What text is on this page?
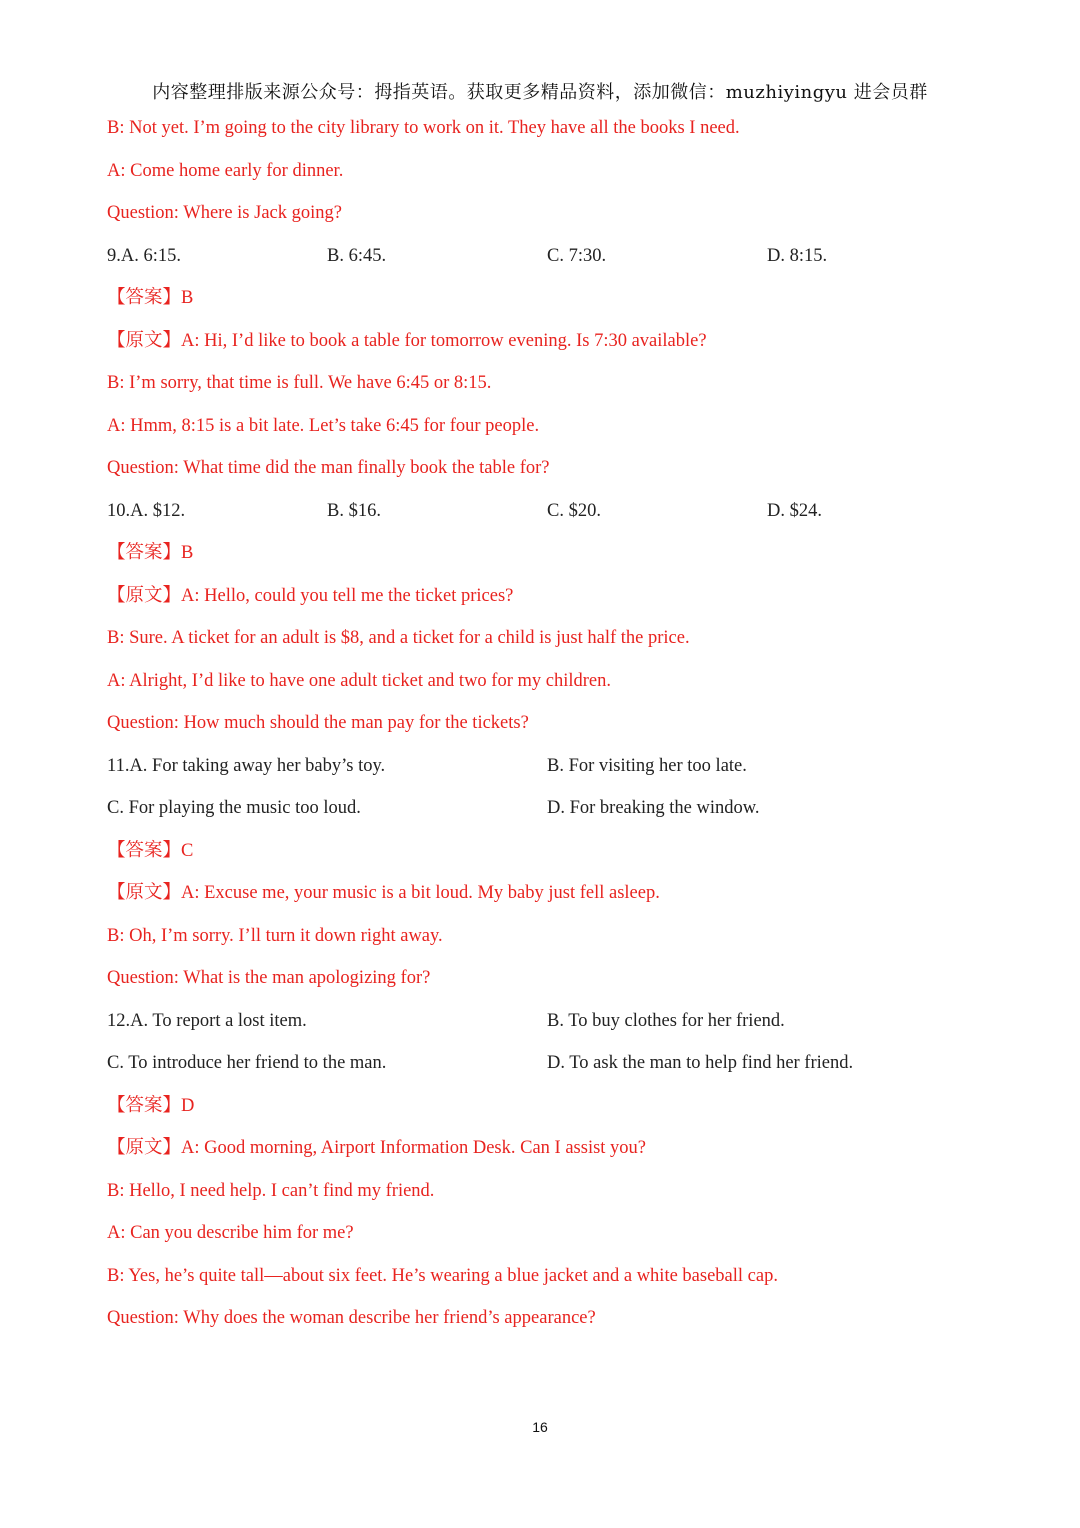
内容整理排版来源公众号：拇指英语。获取更多精品资料，添加微信：muzhiyingyu 进会员群
B: Not yet. I’m going to the city library to work on it. They have all the books I need.
A: Come home early for dinner.
Question: Where is Jack going?
9.A. 6:15.	B. 6:45.	C. 7:30.	D. 8:15.
【答案】B
【原文】A: Hi, I’d like to book a table for tomorrow evening. Is 7:30 available?
B: I’m sorry, that time is full. We have 6:45 or 8:15.
A: Hmm, 8:15 is a bit late. Let’s take 6:45 for four people.
Question: What time did the man finally book the table for?
10.A. $12.	B. $16.	C. $20.	D. $24.
【答案】B
【原文】A: Hello, could you tell me the ticket prices?
B: Sure. A ticket for an adult is $8, and a ticket for a child is just half the price.
A: Alright, I’d like to have one adult ticket and two for my children.
Question: How much should the man pay for the tickets?
11.A. For taking away her baby’s toy.	B. For visiting her too late.
C. For playing the music too loud.	D. For breaking the window.
【答案】C
【原文】A: Excuse me, your music is a bit loud. My baby just fell asleep.
B: Oh, I’m sorry. I’ll turn it down right away.
Question: What is the man apologizing for?
12.A. To report a lost item.	B. To buy clothes for her friend.
C. To introduce her friend to the man.	D. To ask the man to help find her friend.
【答案】D
【原文】A: Good morning, Airport Information Desk. Can I assist you?
B: Hello, I need help. I can’t find my friend.
A: Can you describe him for me?
B: Yes, he’s quite tall—about six feet. He’s wearing a blue jacket and a white baseball cap.
Question: Why does the woman describe her friend’s appearance?
16
